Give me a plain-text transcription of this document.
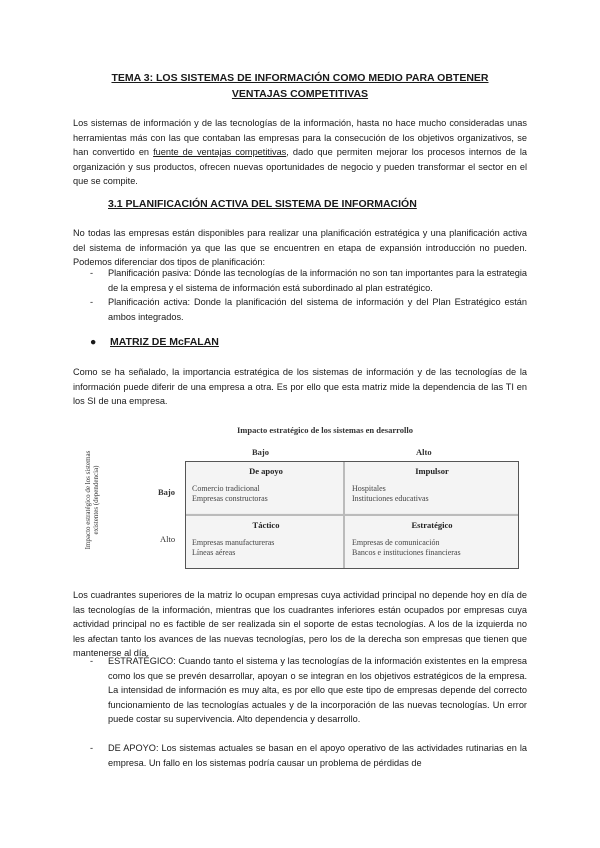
TEMA 3: LOS SISTEMAS DE INFORMACIÓN COMO MEDIO PARA OBTENER
VENTAJAS COMPETITIVAS
Los sistemas de información y de las tecnologías de la información, hasta no hace mucho consideradas unas herramientas más con las que contaban las empresas para la consecución de los objetivos organizativos, se han convertido en fuente de ventajas competitivas, dado que permiten mejorar los procesos internos de la organización y sus productos, ofrecen nuevas oportunidades de negocio y pueden transformar el sector en el que se compite.
3.1 PLANIFICACIÓN ACTIVA DEL SISTEMA DE INFORMACIÓN
No todas las empresas están disponibles para realizar una planificación estratégica y una planificación activa del sistema de información ya que las que se encuentren en etapa de expansión introducción no pueden. Podemos diferenciar dos tipos de planificación:
- Planificación pasiva: Dónde las tecnologías de la información no son tan importantes para la estrategia de la empresa y el sistema de información está subordinado al plan estratégico.
- Planificación activa: Donde la planificación del sistema de información y del Plan Estratégico están ambos integrados.
● MATRIZ DE McFALAN
Como se ha señalado, la importancia estratégica de los sistemas de información y de las tecnologías de la información puede diferir de una empresa a otra. Es por ello que esta matriz mide la dependencia de las TI en los SI de una empresa.
Impacto estratégico de los sistemas en desarrollo
Bajo	Alto
Bajo
Alto
Impacto estratégico de los sistemas existentes (dependencia)	De apoyo
Comercio tradicional
Empresas constructoras
Impulsor
Hospitales
Instituciones educativas
Táctico
Empresas manufactureras
Líneas aéreas
Estratégico
Empresas de comunicación
Bancos e instituciones financieras
Los cuadrantes superiores de la matriz lo ocupan empresas cuya actividad principal no depende hoy en día de las tecnologías de la información, mientras que los cuadrantes inferiores están ocupados por empresas cuya actividad principal no es factible de ser realizada sin el soporte de estas tecnologías. A los de la izquierda no les afectan tanto los avances de las nuevas tecnologías, pero los de la derecha son empresas que tienen que mantenerse al día.
- ESTRATÉGICO: Cuando tanto el sistema y las tecnologías de la información existentes en la empresa como los que se prevén desarrollar, apoyan o se integran en los objetivos estratégicos de la empresa. La intensidad de información es muy alta, es por ello que este tipo de empresas depende del correcto funcionamiento de las tecnologías actuales y de la incorporación de las nuevas tecnologías. Un error puede costar su supervivencia. Alto dependencia y desarrollo.
- DE APOYO: Los sistemas actuales se basan en el apoyo operativo de las actividades rutinarias en la empresa. Un fallo en los sistemas podría causar un problema de pérdidas de
